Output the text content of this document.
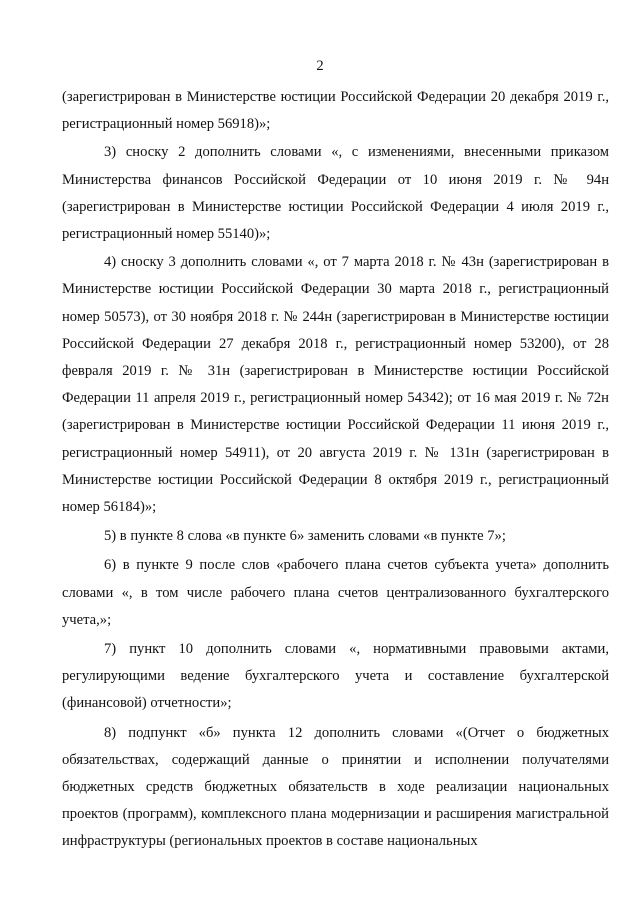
2

(зарегистрирован в Министерстве юстиции Российской Федерации 20 декабря 2019 г., регистрационный номер 56918)»;

3) сноску 2 дополнить словами «, с изменениями, внесенными приказом Министерства финансов Российской Федерации от 10 июня 2019 г. № 94н (зарегистрирован в Министерстве юстиции Российской Федерации 4 июля 2019 г., регистрационный номер 55140)»;

4) сноску 3 дополнить словами «, от 7 марта 2018 г. № 43н (зарегистрирован в Министерстве юстиции Российской Федерации 30 марта 2018 г., регистрационный номер 50573), от 30 ноября 2018 г. № 244н (зарегистрирован в Министерстве юстиции Российской Федерации 27 декабря 2018 г., регистрационный номер 53200), от 28 февраля 2019 г. № 31н (зарегистрирован в Министерстве юстиции Российской Федерации 11 апреля 2019 г., регистрационный номер 54342); от 16 мая 2019 г. № 72н (зарегистрирован в Министерстве юстиции Российской Федерации 11 июня 2019 г., регистрационный номер 54911), от 20 августа 2019 г. № 131н (зарегистрирован в Министерстве юстиции Российской Федерации 8 октября 2019 г., регистрационный номер 56184)»;

5) в пункте 8 слова «в пункте 6» заменить словами «в пункте 7»;

6) в пункте 9 после слов «рабочего плана счетов субъекта учета» дополнить словами «, в том числе рабочего плана счетов централизованного бухгалтерского учета,»;

7) пункт 10 дополнить словами «, нормативными правовыми актами, регулирующими ведение бухгалтерского учета и составление бухгалтерской (финансовой) отчетности»;

8) подпункт «б» пункта 12 дополнить словами «(Отчет о бюджетных обязательствах, содержащий данные о принятии и исполнении получателями бюджетных средств бюджетных обязательств в ходе реализации национальных проектов (программ), комплексного плана модернизации и расширения магистральной инфраструктуры (региональных проектов в составе национальных
